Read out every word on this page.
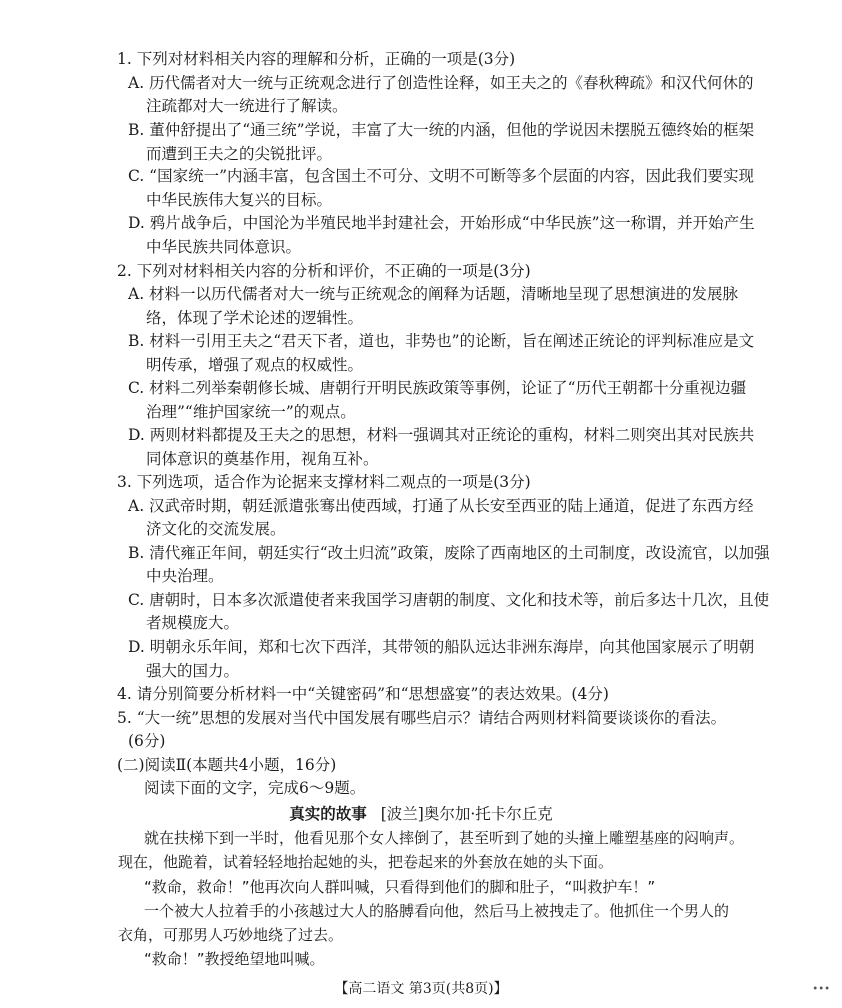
1. 下列对材料相关内容的理解和分析，正确的一项是(3分)
A. 历代儒者对大一统与正统观念进行了创造性诠释，如王夫之的《春秋稗疏》和汉代何休的
注疏都对大一统进行了解读。
B. 董仲舒提出了“通三统”学说，丰富了大一统的内涵，但他的学说因未摆脱五德终始的框架
而遭到王夫之的尖锐批评。
C. “国家统一”内涵丰富，包含国土不可分、文明不可断等多个层面的内容，因此我们要实现
中华民族伟大复兴的目标。
D. 鸦片战争后，中国沦为半殖民地半封建社会，开始形成“中华民族”这一称谓，并开始产生
中华民族共同体意识。
2. 下列对材料相关内容的分析和评价，不正确的一项是(3分)
A. 材料一以历代儒者对大一统与正统观念的阐释为话题，清晰地呈现了思想演进的发展脉
络，体现了学术论述的逻辑性。
B. 材料一引用王夫之“君天下者，道也，非势也”的论断，旨在阐述正统论的评判标准应是文
明传承，增强了观点的权威性。
C. 材料二列举秦朝修长城、唐朝行开明民族政策等事例，论证了“历代王朝都十分重视边疆
治理”“维护国家统一”的观点。
D. 两则材料都提及王夫之的思想，材料一强调其对正统论的重构，材料二则突出其对民族共
同体意识的奠基作用，视角互补。
3. 下列选项，适合作为论据来支撑材料二观点的一项是(3分)
A. 汉武帝时期，朝廷派遣张骞出使西域，打通了从长安至西亚的陆上通道，促进了东西方经
济文化的交流发展。
B. 清代雍正年间，朝廷实行“改土归流”政策，废除了西南地区的土司制度，改设流官，以加强
中央治理。
C. 唐朝时，日本多次派遣使者来我国学习唐朝的制度、文化和技术等，前后多达十几次，且使
者规模庞大。
D. 明朝永乐年间，郑和七次下西洋，其带领的船队远达非洲东海岸，向其他国家展示了明朝
强大的国力。
4. 请分别简要分析材料一中“关键密码”和“思想盛宴”的表达效果。(4分)
5. “大一统”思想的发展对当代中国发展有哪些启示？请结合两则材料简要谈谈你的看法。
(6分)
(二)阅读Ⅱ(本题共4小题，16分)
阅读下面的文字，完成6～9题。
真实的故事 [波兰]奥尔加·托卡尔丘克
就在扶梯下到一半时，他看见那个女人摔倒了，甚至听到了她的头撞上雕塑基座的闷响声。
现在，他跪着，试着轻轻地抬起她的头，把卷起来的外套放在她的头下面。
“救命，救命！”他再次向人群叫喊，只看得到他们的脚和肚子，“叫救护车！”
一个被大人拉着手的小孩越过大人的胳膊看向他，然后马上被拽走了。他抓住一个男人的
衣角，可那男人巧妙地绕了过去。
“救命！”教授绝望地叫喊。
【高二语文 第3页(共8页)】	•••
